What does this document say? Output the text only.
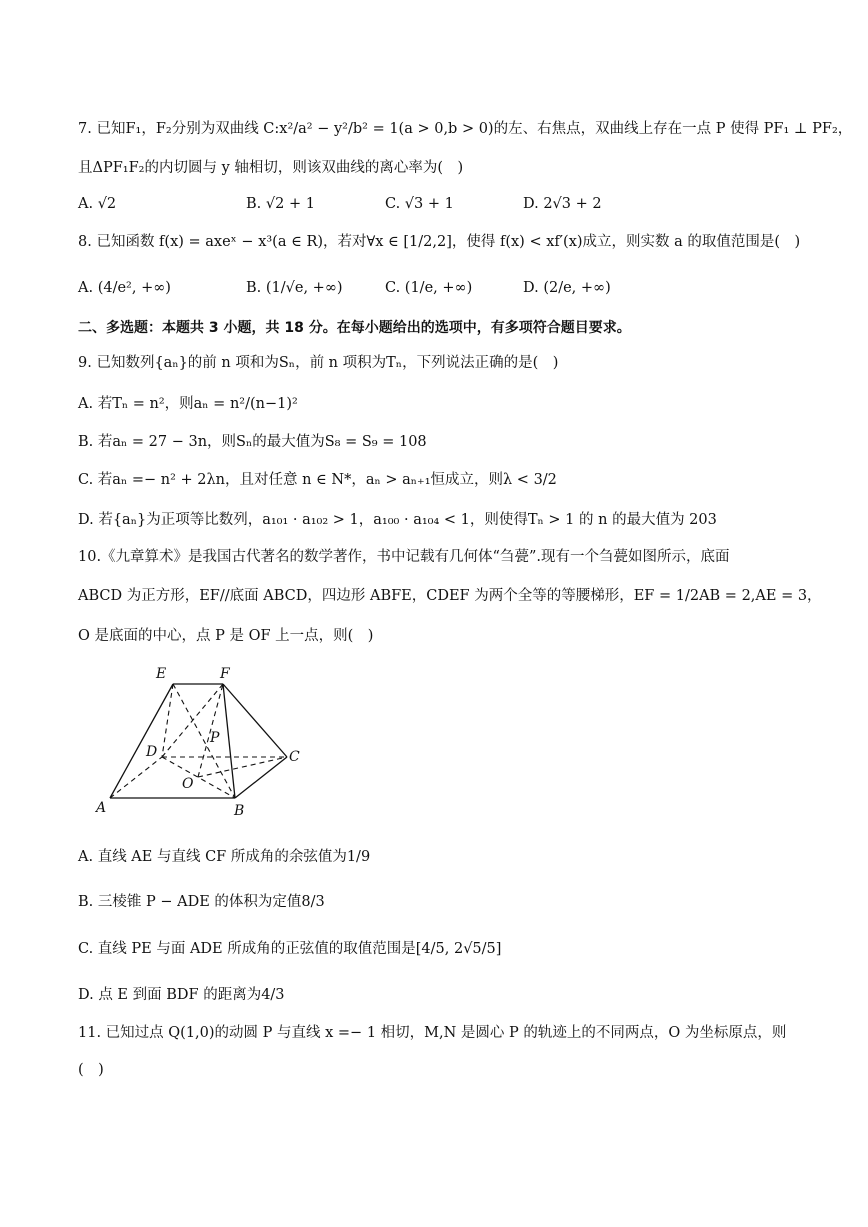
7. 已知F₁，F₂分别为双曲线 C:x²/a² − y²/b² = 1(a > 0,b > 0)的左、右焦点，双曲线上存在一点 P 使得 PF₁ ⊥ PF₂，
且ΔPF₁F₂的内切圆与 y 轴相切，则该双曲线的离心率为(　)
A. √2	B. √2 + 1	C. √3 + 1	D. 2√3 + 2
8. 已知函数 f(x) = axeˣ − x³(a ∈ R)，若对∀x ∈ [1/2,2]，使得 f(x) < xf′(x)成立，则实数 a 的取值范围是(　)
A. (4/e², +∞)	B. (1/√e, +∞)	C. (1/e, +∞)	D. (2/e, +∞)
二、多选题：本题共 3 小题，共 18 分。在每小题给出的选项中，有多项符合题目要求。
9. 已知数列{aₙ}的前 n 项和为Sₙ，前 n 项积为Tₙ，下列说法正确的是(　)
A. 若Tₙ = n²，则aₙ = n²/(n−1)²
B. 若aₙ = 27 − 3n，则Sₙ的最大值为S₈ = S₉ = 108
C. 若aₙ =− n² + 2λn，且对任意 n ∈ N*，aₙ > aₙ₊₁恒成立，则λ < 3/2
D. 若{aₙ}为正项等比数列，a₁₀₁ · a₁₀₂ > 1，a₁₀₀ · a₁₀₄ < 1，则使得Tₙ > 1 的 n 的最大值为 203
10.《九章算术》是我国古代著名的数学著作，书中记载有几何体“刍甍”.现有一个刍甍如图所示，底面
ABCD 为正方形，EF//底面 ABCD，四边形 ABFE，CDEF 为两个全等的等腰梯形，EF = 1/2AB = 2,AE = 3，
O 是底面的中心，点 P 是 OF 上一点，则(　)
E	F
P
D	C
O
A	B
A. 直线 AE 与直线 CF 所成角的余弦值为1/9
B. 三棱锥 P − ADE 的体积为定值8/3
C. 直线 PE 与面 ADE 所成角的正弦值的取值范围是[4/5, 2√5/5]
D. 点 E 到面 BDF 的距离为4/3
11. 已知过点 Q(1,0)的动圆 P 与直线 x =− 1 相切，M,N 是圆心 P 的轨迹上的不同两点，O 为坐标原点，则
(　)
